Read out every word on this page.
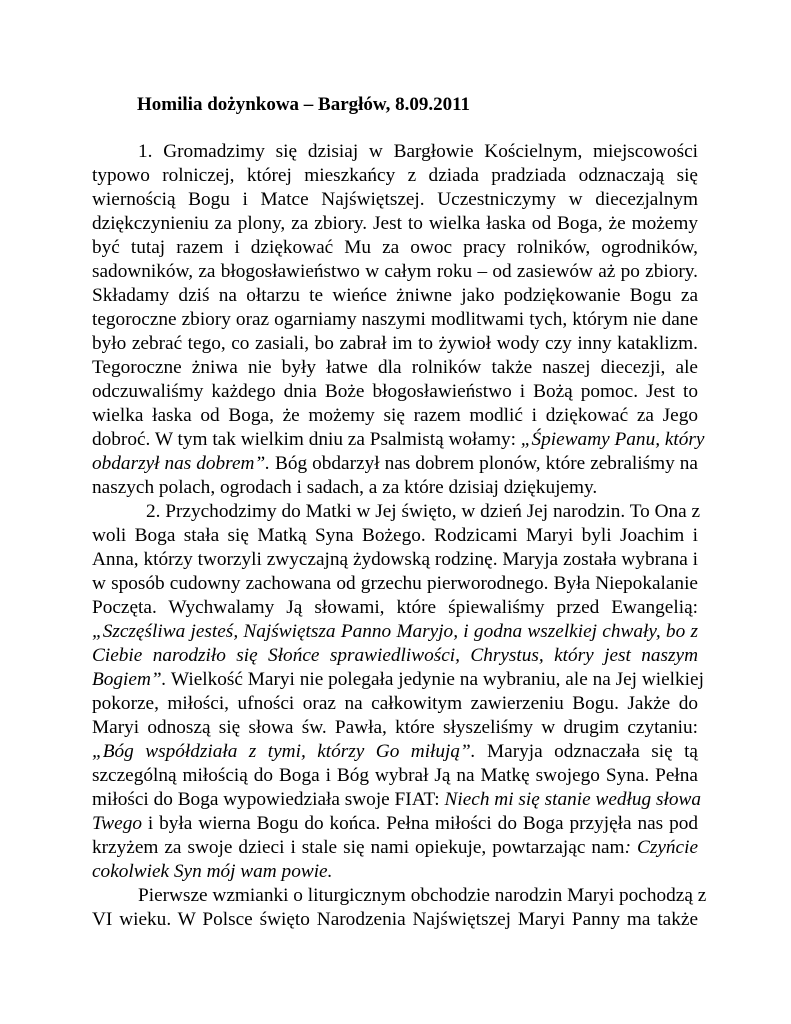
Homilia dożynkowa – Bargłów, 8.09.2011
1. Gromadzimy się dzisiaj w Bargłowie Kościelnym, miejscowości
typowo rolniczej, której mieszkańcy z dziada pradziada odznaczają się
wiernością Bogu i Matce Najświętszej. Uczestniczymy w diecezjalnym
dziękczynieniu za plony, za zbiory. Jest to wielka łaska od Boga, że możemy
być tutaj razem i dziękować Mu za owoc pracy rolników, ogrodników,
sadowników, za błogosławieństwo w całym roku – od zasiewów aż po zbiory.
Składamy dziś na ołtarzu te wieńce żniwne jako podziękowanie Bogu za
tegoroczne zbiory oraz ogarniamy naszymi modlitwami tych, którym nie dane
było zebrać tego, co zasiali, bo zabrał im to żywioł wody czy inny kataklizm.
Tegoroczne żniwa nie były łatwe dla rolników także naszej diecezji, ale
odczuwaliśmy każdego dnia Boże błogosławieństwo i Bożą pomoc. Jest to
wielka łaska od Boga, że możemy się razem modlić i dziękować za Jego
dobroć. W tym tak wielkim dniu za Psalmistą wołamy: „Śpiewamy Panu, który
obdarzył nas dobrem”. Bóg obdarzył nas dobrem plonów, które zebraliśmy na
naszych polach, ogrodach i sadach, a za które dzisiaj dziękujemy.
2. Przychodzimy do Matki w Jej święto, w dzień Jej narodzin. To Ona z
woli Boga stała się Matką Syna Bożego. Rodzicami Maryi byli Joachim i
Anna, którzy tworzyli zwyczajną żydowską rodzinę. Maryja została wybrana i
w sposób cudowny zachowana od grzechu pierworodnego. Była Niepokalanie
Poczęta. Wychwalamy Ją słowami, które śpiewaliśmy przed Ewangelią:
„Szczęśliwa jesteś, Najświętsza Panno Maryjo, i godna wszelkiej chwały, bo z
Ciebie narodziło się Słońce sprawiedliwości, Chrystus, który jest naszym
Bogiem”. Wielkość Maryi nie polegała jedynie na wybraniu, ale na Jej wielkiej
pokorze, miłości, ufności oraz na całkowitym zawierzeniu Bogu. Jakże do
Maryi odnoszą się słowa św. Pawła, które słyszeliśmy w drugim czytaniu:
„Bóg współdziała z tymi, którzy Go miłują”. Maryja odznaczała się tą
szczególną miłością do Boga i Bóg wybrał Ją na Matkę swojego Syna. Pełna
miłości do Boga wypowiedziała swoje FIAT: Niech mi się stanie według słowa
Twego i była wierna Bogu do końca. Pełna miłości do Boga przyjęła nas pod
krzyżem za swoje dzieci i stale się nami opiekuje, powtarzając nam: Czyńcie
cokolwiek Syn mój wam powie.
Pierwsze wzmianki o liturgicznym obchodzie narodzin Maryi pochodzą z
VI wieku. W Polsce święto Narodzenia Najświętszej Maryi Panny ma także
